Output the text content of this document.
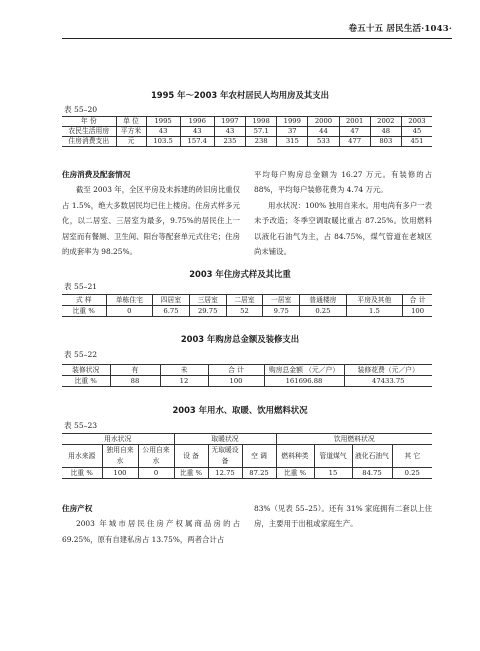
卷五十五 居民生活·1043·
1995 年～2003 年农村居民人均用房及其支出
表 55–20
年 份	单 位	1995	1996	1997	1998	1999	2000	2001	2002	2003
农民生活用房	平方米	43	43	43	57.1	37	44	47	48	45
住房消费支出	元	103.5	157.4	235	238	315	533	477	803	451

住房消费及配套情况

截至 2003 年，全区平房及未拆建的砖旧房比重仅占 1.5%，绝大多数居民均已住上楼房。住房式样多元化，以二居室、三居室为最多，9.75%的居民住上一居室而有餐厕、卫生间、阳台等配套单元式住宅；住房的成套率为 98.25%。

平均每户购房总金额为 16.27 万元。有装修的占 88%，平均每户装修花费为 4.74 万元。

用水状况：100% 独用自来水。用电尚有多户一表未予改造；冬季空调取暖比重占 87.25%。饮用燃料以液化石油气为主，占 84.75%，煤气管道在老城区尚未铺设。

2003 年住房式样及其比重
表 55–21
式 样	单栋住宅	四居室	三居室	二居室	一居室	普通楼房	平房及其他	合 计
比重 %	0	6.75	29.75	52	9.75	0.25	1.5	100
2003 年购房总金额及装修支出
表 55–22
装修状况	有	未	合 计	购房总金额 （元／户）	装修花费（元／户）
比重 %	88	12	100	161696.88	47433.75
2003 年用水、取暖、饮用燃料状况
表 55–23
用水状况			取暖状况			饮用燃料状况			
用水来源	独用自来水	公用自来水	设 备	无取暖设备	空 调	燃料种类	管道煤气	液化石油气	其 它
比重 %	100	0	比重 %	12.75	87.25	比重 %	15	84.75	0.25

住房产权

2003 年城市居民住房产权属商品房的占 69.25%，原有自建私房占 13.75%，两者合计占

83%（见表 55–25）。还有 31% 家庭拥有二套以上住房，主要用于出租或家庭生产。
